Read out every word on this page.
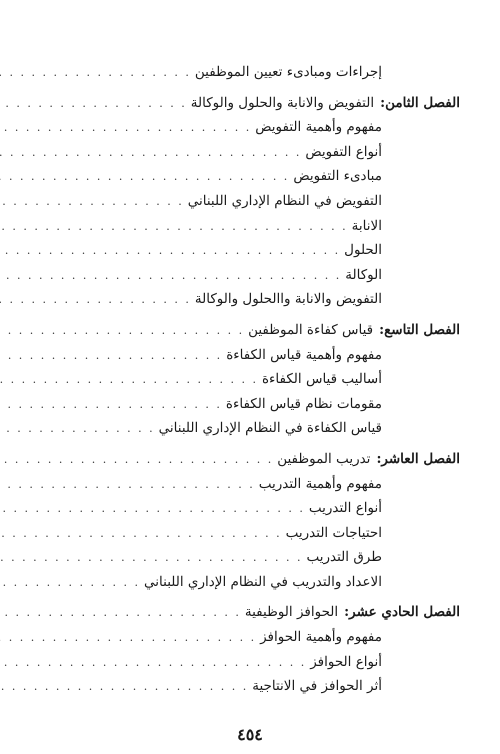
إجراءات ومبادىء تعيين الموظفين
. . .
الفصل الثامن:
التفويض والانابة والحلول والوكالة
. . .
مفهوم وأهمية التفويض
. . .
أنواع التفويض
. . .
مبادىء التفويض
. . .
التفويض في النظام الإداري اللبناني
. . .
الانابة
. . .
الحلول
. . .
الوكالة
. . .
التفويض والانابة واالحلول والوكالة
. . .
الفصل التاسع:
قياس كفاءة الموظفين
. . .
مفهوم وأهمية قياس الكفاءة
. . .
أساليب قياس الكفاءة
. . .
مقومات نظام قياس الكفاءة
. . .
قياس الكفاءة في النظام الإداري اللبناني
. . .
الفصل العاشر:
تدريب الموظفين
. . .
مفهوم وأهمية التدريب
. . .
أنواع التدريب
. . .
احتياجات التدريب
. . .
طرق التدريب
. . .
الاعداد والتدريب في النظام الإداري اللبناني
. . .
الفصل الحادي عشر:
الحوافز الوظيفية
. . .
مفهوم وأهمية الحوافز
. . .
أنواع الحوافز
. . .
أثر الحوافز في الانتاجية
. . .
٤٥٤
